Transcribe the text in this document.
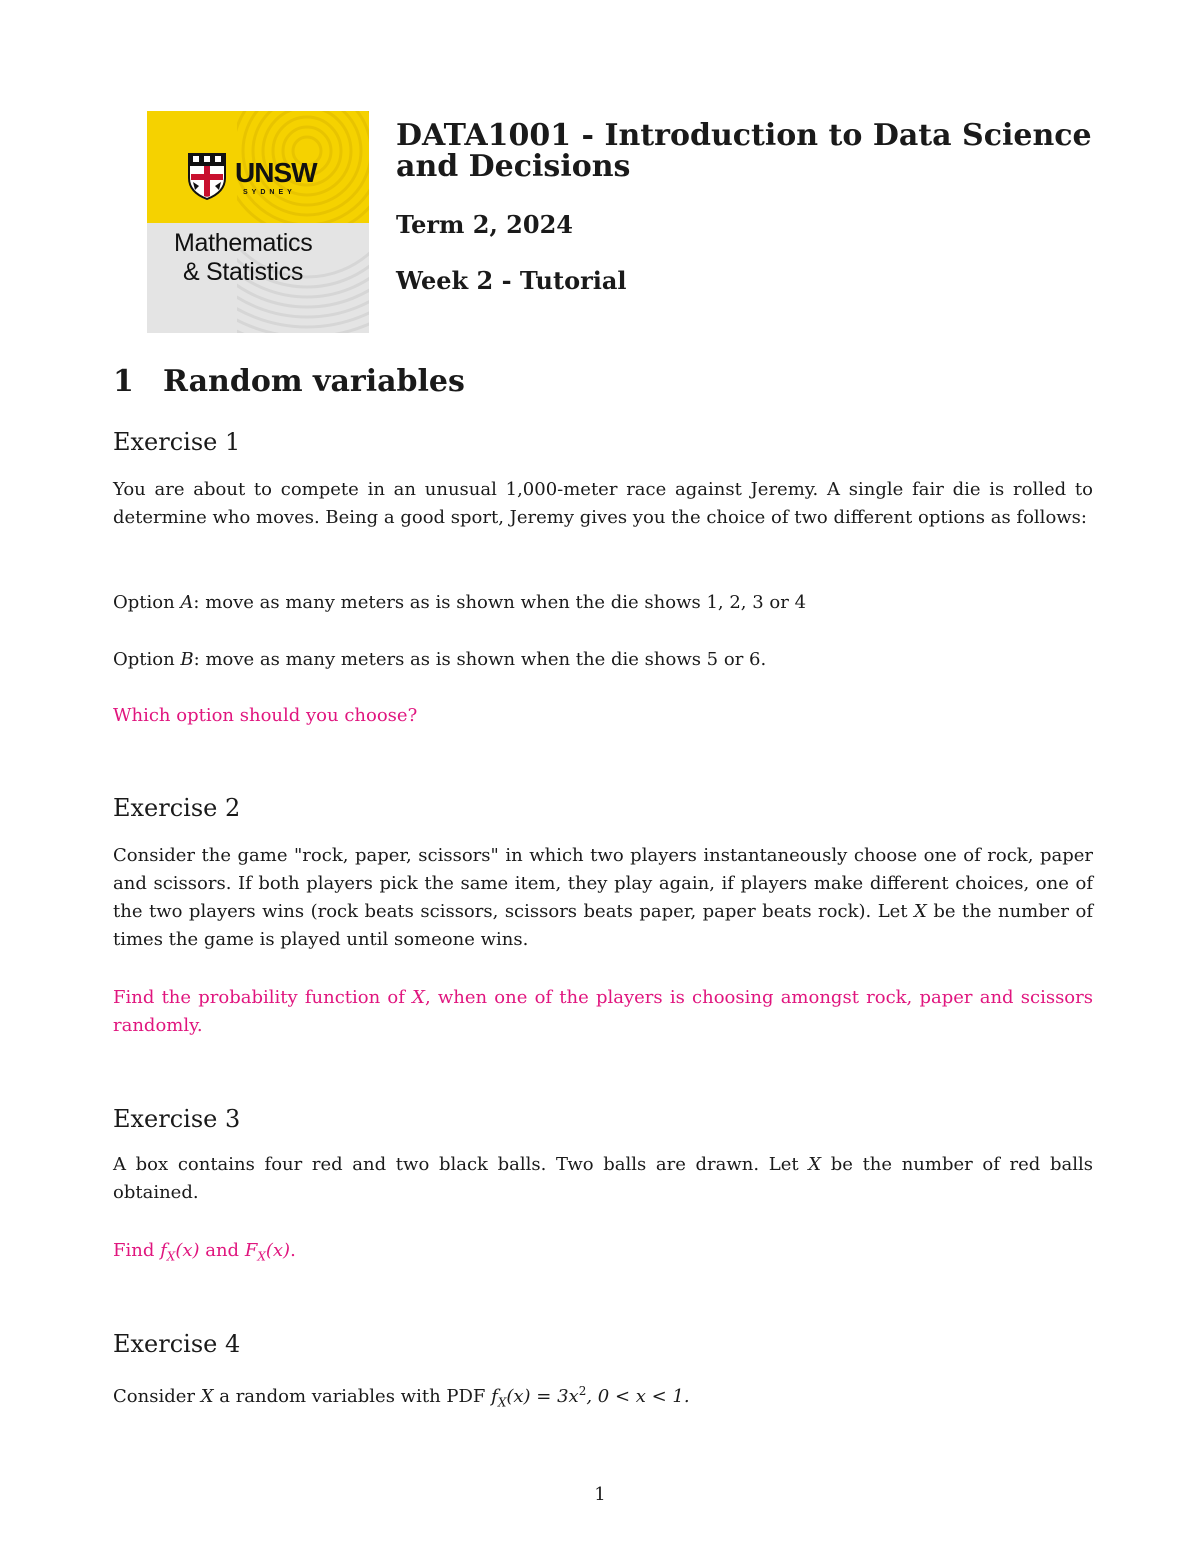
UNSW
SYDNEY
Mathematics
& Statistics
DATA1001 - Introduction to Data Science and Decisions
Term 2, 2024
Week 2 - Tutorial
1 Random variables
Exercise 1
You are about to compete in an unusual 1,000-meter race against Jeremy. A single fair die is rolled to determine who moves. Being a good sport, Jeremy gives you the choice of two different options as follows:
Option A: move as many meters as is shown when the die shows 1, 2, 3 or 4
Option B: move as many meters as is shown when the die shows 5 or 6.
Which option should you choose?
Exercise 2
Consider the game "rock, paper, scissors" in which two players instantaneously choose one of rock, paper and scissors. If both players pick the same item, they play again, if players make different choices, one of the two players wins (rock beats scissors, scissors beats paper, paper beats rock). Let X be the number of times the game is played until someone wins.
Find the probability function of X, when one of the players is choosing amongst rock, paper and scissors randomly.
Exercise 3
A box contains four red and two black balls. Two balls are drawn. Let X be the number of red balls obtained.
Find $f_X(x)$ and $F_X(x)$.
Exercise 4
Consider X a random variables with PDF $f_X(x) = 3x^2$, 0 < x < 1.
1
